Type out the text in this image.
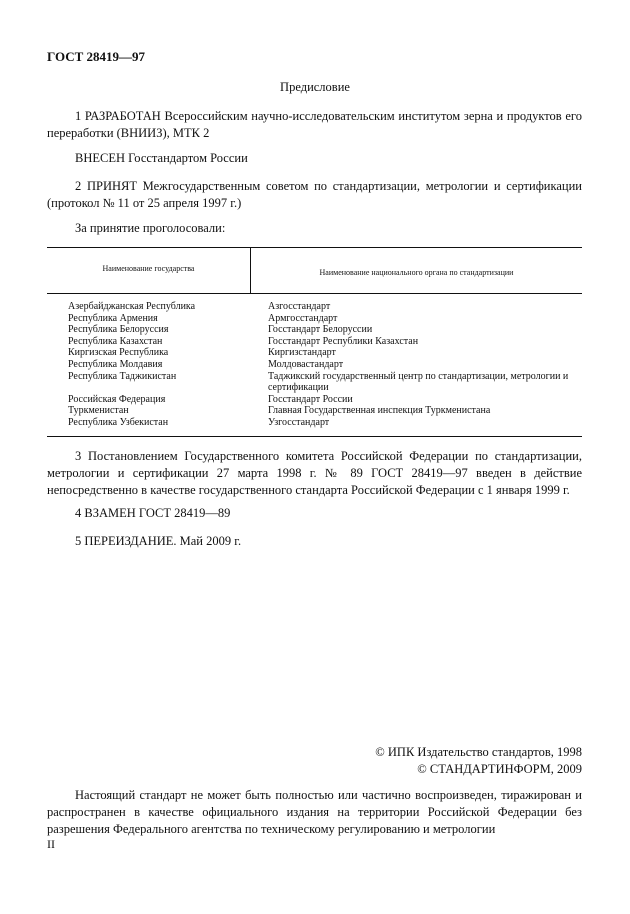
ГОСТ 28419—97
Предисловие
1 РАЗРАБОТАН Всероссийским научно-исследовательским институтом зерна и продуктов его переработки (ВНИИЗ), МТК 2
ВНЕСЕН Госстандартом России
2 ПРИНЯТ Межгосударственным советом по стандартизации, метрологии и сертификации (протокол № 11 от 25 апреля 1997 г.)
За принятие проголосовали:
Наименование государства	Наименование национального органа по стандартизации
Азербайджанская Республика
Республика Армения
Республика Белоруссия
Республика Казахстан
Киргизская Республика
Республика Молдавия
Республика Таджикистан
Российская Федерация
Туркменистан
Республика Узбекистан
Азгосстандарт
Армгосстандарт
Госстандарт Белоруссии
Госстандарт Республики Казахстан
Киргизстандарт
Молдовастандарт
Таджикский государственный центр по стандартизации, метрологии и сертификации
Госстандарт России
Главная Государственная инспекция Туркменистана
Узгосстандарт
3 Постановлением Государственного комитета Российской Федерации по стандартизации, метрологии и сертификации 27 марта 1998 г. № 89 ГОСТ 28419—97 введен в действие непосредственно в качестве государственного стандарта Российской Федерации с 1 января 1999 г.
4 ВЗАМЕН ГОСТ 28419—89
5 ПЕРЕИЗДАНИЕ. Май 2009 г.
© ИПК Издательство стандартов, 1998
© СТАНДАРТИНФОРМ, 2009
Настоящий стандарт не может быть полностью или частично воспроизведен, тиражирован и распространен в качестве официального издания на территории Российской Федерации без разрешения Федерального агентства по техническому регулированию и метрологии
II
